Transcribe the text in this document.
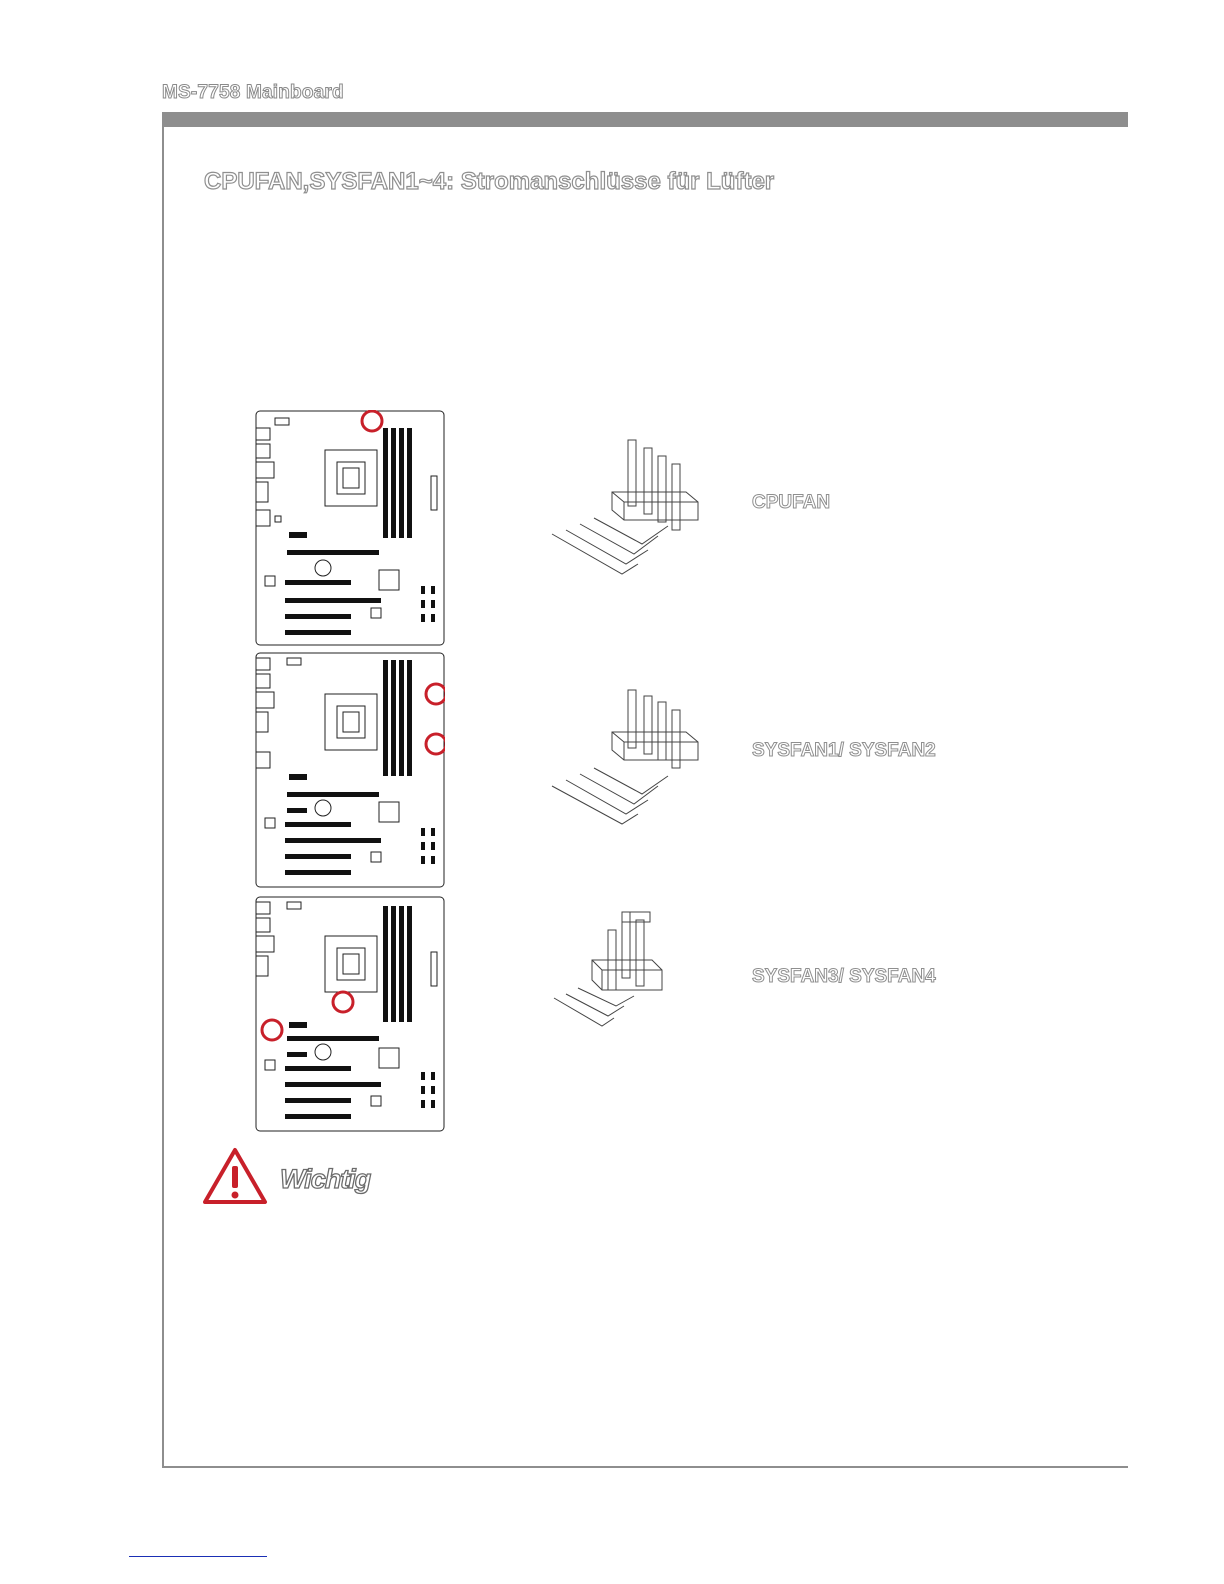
MS-7758 Mainboard
CPUFAN,SYSFAN1~4: Stromanschlüsse für Lüfter
CPUFAN
SYSFAN1/ SYSFAN2
SYSFAN3/ SYSFAN4
Wichtig
